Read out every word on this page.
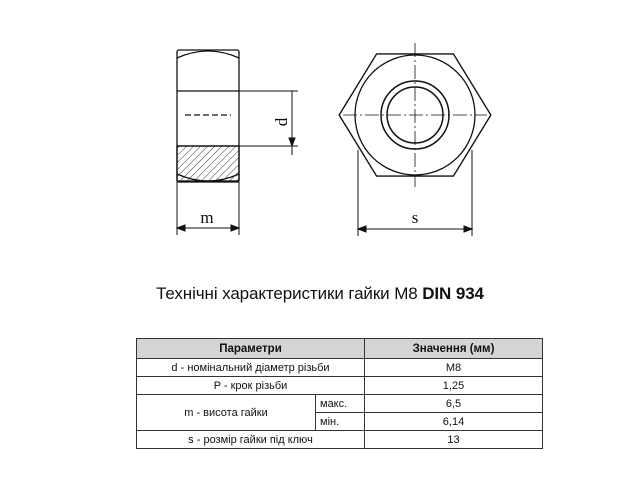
d
m	s
Технічні характеристики гайки М8 DIN 934
Параметри		Значення (мм)
d - номінальний діаметр різьби		М8
P - крок різьби		1,25
m - висота гайки	макс.	6,5
	мін.	6,14
s - розмір гайки під ключ		13
